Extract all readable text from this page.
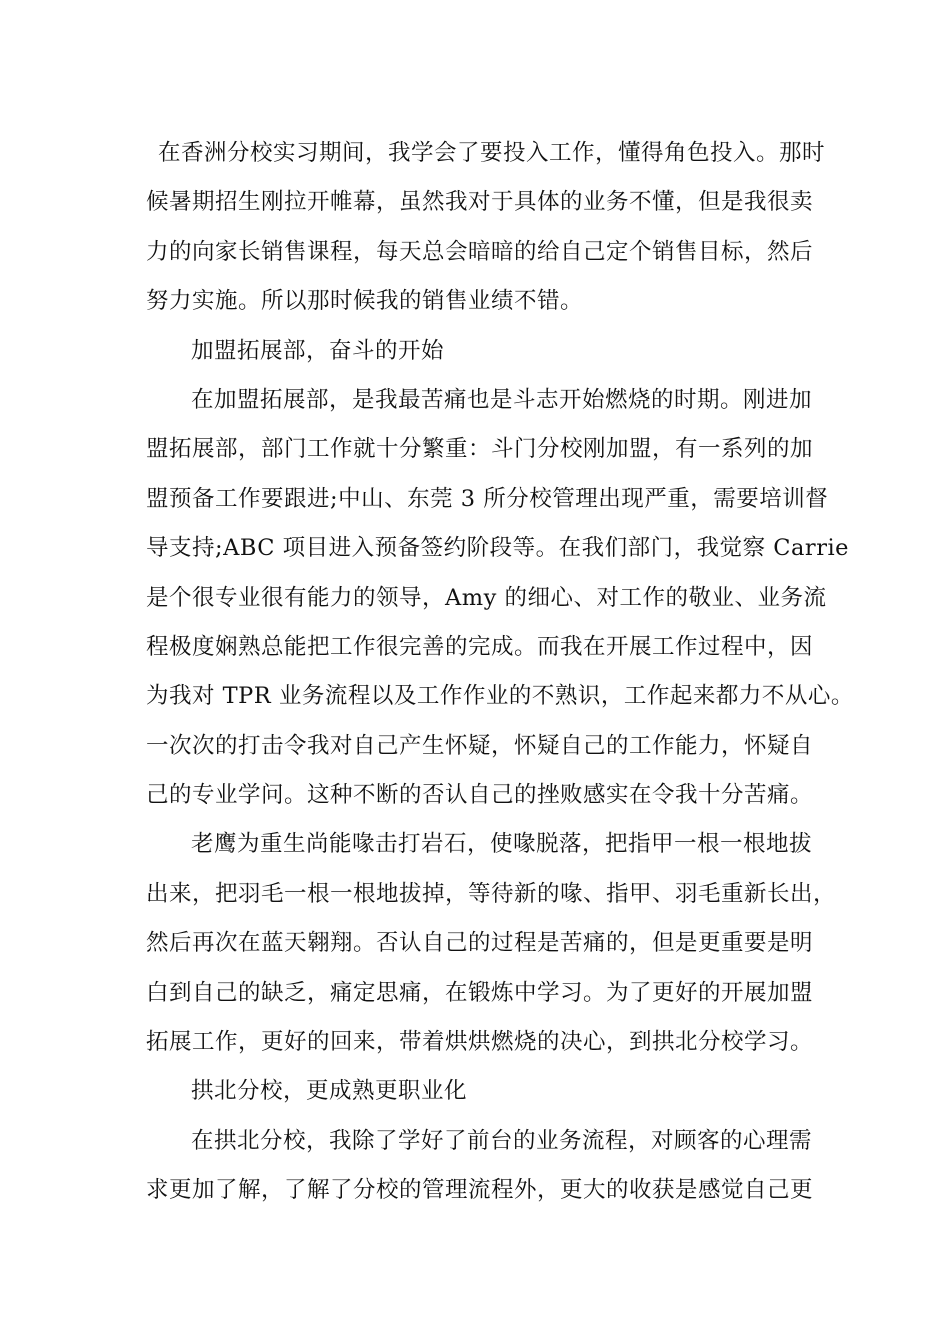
在香洲分校实习期间，我学会了要投入工作，懂得角色投入。那时
候暑期招生刚拉开帷幕，虽然我对于具体的业务不懂，但是我很卖
力的向家长销售课程，每天总会暗暗的给自己定个销售目标，然后
努力实施。所以那时候我的销售业绩不错。
加盟拓展部，奋斗的开始
在加盟拓展部，是我最苦痛也是斗志开始燃烧的时期。刚进加
盟拓展部，部门工作就十分繁重：斗门分校刚加盟，有一系列的加
盟预备工作要跟进;中山、东莞 3 所分校管理出现严重，需要培训督
导支持;ABC 项目进入预备签约阶段等。在我们部门，我觉察 Carrie
是个很专业很有能力的领导，Amy 的细心、对工作的敬业、业务流
程极度娴熟总能把工作很完善的完成。而我在开展工作过程中，因
为我对 TPR 业务流程以及工作作业的不熟识，工作起来都力不从心。
一次次的打击令我对自己产生怀疑，怀疑自己的工作能力，怀疑自
己的专业学问。这种不断的否认自己的挫败感实在令我十分苦痛。
老鹰为重生尚能喙击打岩石，使喙脱落，把指甲一根一根地拔
出来，把羽毛一根一根地拔掉，等待新的喙、指甲、羽毛重新长出，
然后再次在蓝天翱翔。否认自己的过程是苦痛的，但是更重要是明
白到自己的缺乏，痛定思痛，在锻炼中学习。为了更好的开展加盟
拓展工作，更好的回来，带着烘烘燃烧的决心，到拱北分校学习。
拱北分校，更成熟更职业化
在拱北分校，我除了学好了前台的业务流程，对顾客的心理需
求更加了解，了解了分校的管理流程外，更大的收获是感觉自己更
